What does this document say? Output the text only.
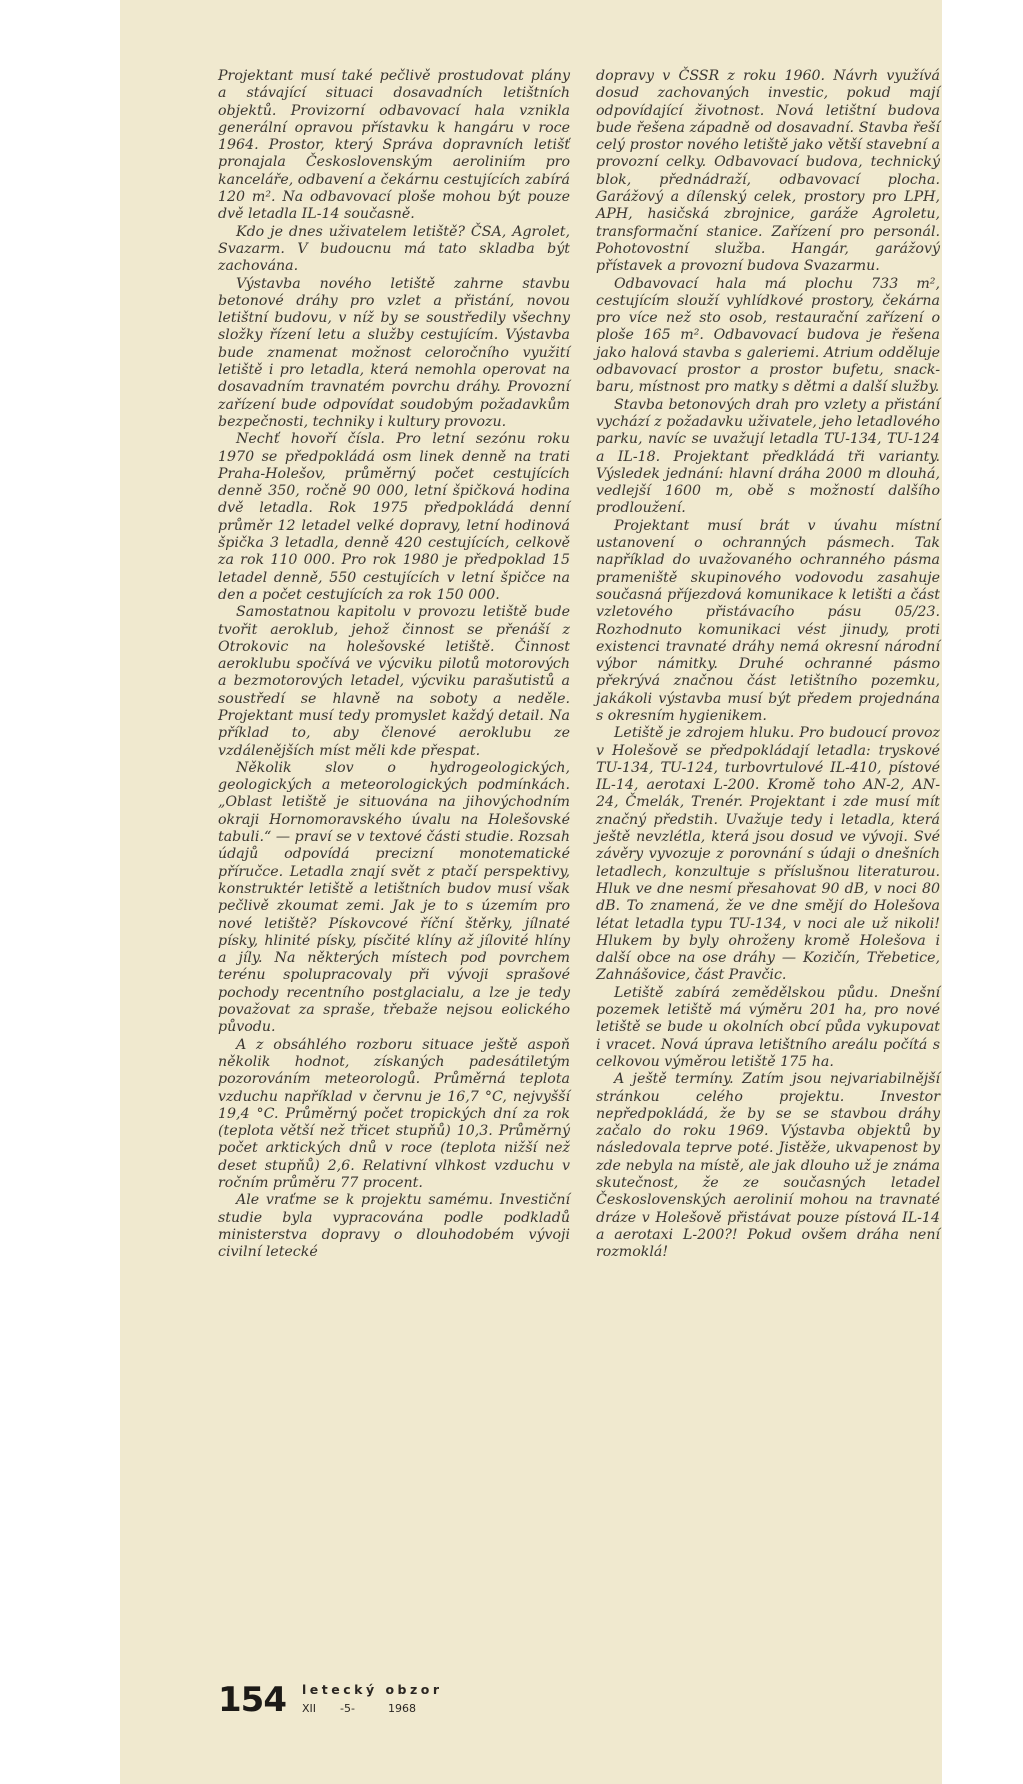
Projektant musí také pečlivě prostudovat plány a stávající situaci dosavadních letištních objektů. Provizorní odbavovací hala vznikla generální opravou přístavku k hangáru v roce 1964. Prostor, který Správa dopravních letišť pronajala Československým aeroliniím pro kanceláře, odbavení a čekárnu cestujících zabírá 120 m². Na odbavovací ploše mohou být pouze dvě letadla IL-14 současně.

Kdo je dnes uživatelem letiště? ČSA, Agrolet, Svazarm. V budoucnu má tato skladba být zachována.

Výstavba nového letiště zahrne stavbu betonové dráhy pro vzlet a přistání, novou letištní budovu, v níž by se soustředily všechny složky řízení letu a služby cestujícím. Výstavba bude znamenat možnost celoročního využití letiště i pro letadla, která nemohla operovat na dosavadním travnatém povrchu dráhy. Provozní zařízení bude odpovídat soudobým požadavkům bezpečnosti, techniky i kultury provozu.

Nechť hovoří čísla. Pro letní sezónu roku 1970 se předpokládá osm linek denně na trati Praha-Holešov, průměrný počet cestujících denně 350, ročně 90 000, letní špičková hodina dvě letadla. Rok 1975 předpokládá denní průměr 12 letadel velké dopravy, letní hodinová špička 3 letadla, denně 420 cestujících, celkově za rok 110 000. Pro rok 1980 je předpoklad 15 letadel denně, 550 cestujících v letní špičce na den a počet cestujících za rok 150 000.

Samostatnou kapitolu v provozu letiště bude tvořit aeroklub, jehož činnost se přenáší z Otrokovic na holešovské letiště. Činnost aeroklubu spočívá ve výcviku pilotů motorových a bezmotorových letadel, výcviku parašutistů a soustředí se hlavně na soboty a neděle. Projektant musí tedy promyslet každý detail. Na příklad to, aby členové aeroklubu ze vzdálenějších míst měli kde přespat.

Několik slov o hydrogeologických, geologických a meteorologických podmínkách. „Oblast letiště je situována na jihovýchodním okraji Hornomoravského úvalu na Holešovské tabuli.“ — praví se v textové části studie. Rozsah údajů odpovídá precizní monotematické příručce. Letadla znají svět z ptačí perspektivy, konstruktér letiště a letištních budov musí však pečlivě zkoumat zemi. Jak je to s územím pro nové letiště? Pískovcové říční štěrky, jílnaté písky, hlinité písky, písčité klíny až jílovité hlíny a jíly. Na některých místech pod povrchem terénu spolupracovaly při vývoji sprašové pochody recentního postglacialu, a lze je tedy považovat za spraše, třebaže nejsou eolického původu.

A z obsáhlého rozboru situace ještě aspoň několik hodnot, získaných padesátiletým pozorováním meteorologů. Průměrná teplota vzduchu například v červnu je 16,7 °C, nejvyšší 19,4 °C. Průměrný počet tropických dní za rok (teplota větší než třicet stupňů) 10,3. Průměrný počet arktických dnů v roce (teplota nižší než deset stupňů) 2,6. Relativní vlhkost vzduchu v ročním průměru 77 procent.

Ale vraťme se k projektu samému. Investiční studie byla vypracována podle podkladů ministerstva dopravy o dlouhodobém vývoji civilní letecké

dopravy v ČSSR z roku 1960. Návrh využívá dosud zachovaných investic, pokud mají odpovídající životnost. Nová letištní budova bude řešena západně od dosavadní. Stavba řeší celý prostor nového letiště jako větší stavební a provozní celky. Odbavovací budova, technický blok, přednádraží, odbavovací plocha. Garážový a dílenský celek, prostory pro LPH, APH, hasičská zbrojnice, garáže Agroletu, transformační stanice. Zařízení pro personál. Pohotovostní služba. Hangár, garážový přístavek a provozní budova Svazarmu.

Odbavovací hala má plochu 733 m², cestujícím slouží vyhlídkové prostory, čekárna pro více než sto osob, restaurační zařízení o ploše 165 m². Odbavovací budova je řešena jako halová stavba s galeriemi. Atrium odděluje odbavovací prostor a prostor bufetu, snack-baru, místnost pro matky s dětmi a další služby.

Stavba betonových drah pro vzlety a přistání vychází z požadavku uživatele, jeho letadlového parku, navíc se uvažují letadla TU-134, TU-124 a IL-18. Projektant předkládá tři varianty. Výsledek jednání: hlavní dráha 2000 m dlouhá, vedlejší 1600 m, obě s možností dalšího prodloužení.

Projektant musí brát v úvahu místní ustanovení o ochranných pásmech. Tak například do uvažovaného ochranného pásma prameniště skupinového vodovodu zasahuje současná příjezdová komunikace k letišti a část vzletového přistávacího pásu 05/23. Rozhodnuto komunikaci vést jinudy, proti existenci travnaté dráhy nemá okresní národní výbor námitky. Druhé ochranné pásmo překrývá značnou část letištního pozemku, jakákoli výstavba musí být předem projednána s okresním hygienikem.

Letiště je zdrojem hluku. Pro budoucí provoz v Holešově se předpokládají letadla: tryskové TU-134, TU-124, turbovrtulové IL-410, pístové IL-14, aerotaxi L-200. Kromě toho AN-2, AN-24, Čmelák, Trenér. Projektant i zde musí mít značný předstih. Uvažuje tedy i letadla, která ještě nevzlétla, která jsou dosud ve vývoji. Své závěry vyvozuje z porovnání s údaji o dnešních letadlech, konzultuje s příslušnou literaturou. Hluk ve dne nesmí přesahovat 90 dB, v noci 80 dB. To znamená, že ve dne smějí do Holešova létat letadla typu TU-134, v noci ale už nikoli! Hlukem by byly ohroženy kromě Holešova i další obce na ose dráhy — Kozičín, Třebetice, Zahnášovice, část Pravčic.

Letiště zabírá zemědělskou půdu. Dnešní pozemek letiště má výměru 201 ha, pro nové letiště se bude u okolních obcí půda vykupovat i vracet. Nová úprava letištního areálu počítá s celkovou výměrou letiště 175 ha.

A ještě termíny. Zatím jsou nejvariabilnější stránkou celého projektu. Investor nepředpokládá, že by se se stavbou dráhy začalo do roku 1969. Výstavba objektů by následovala teprve poté. Jistěže, ukvapenost by zde nebyla na místě, ale jak dlouho už je známa skutečnost, že ze současných letadel Československých aerolinií mohou na travnaté dráze v Holešově přistávat pouze pístová IL-14 a aerotaxi L-200?! Pokud ovšem dráha není rozmoklá!

154 letecký obzor
XII -5-	1968
